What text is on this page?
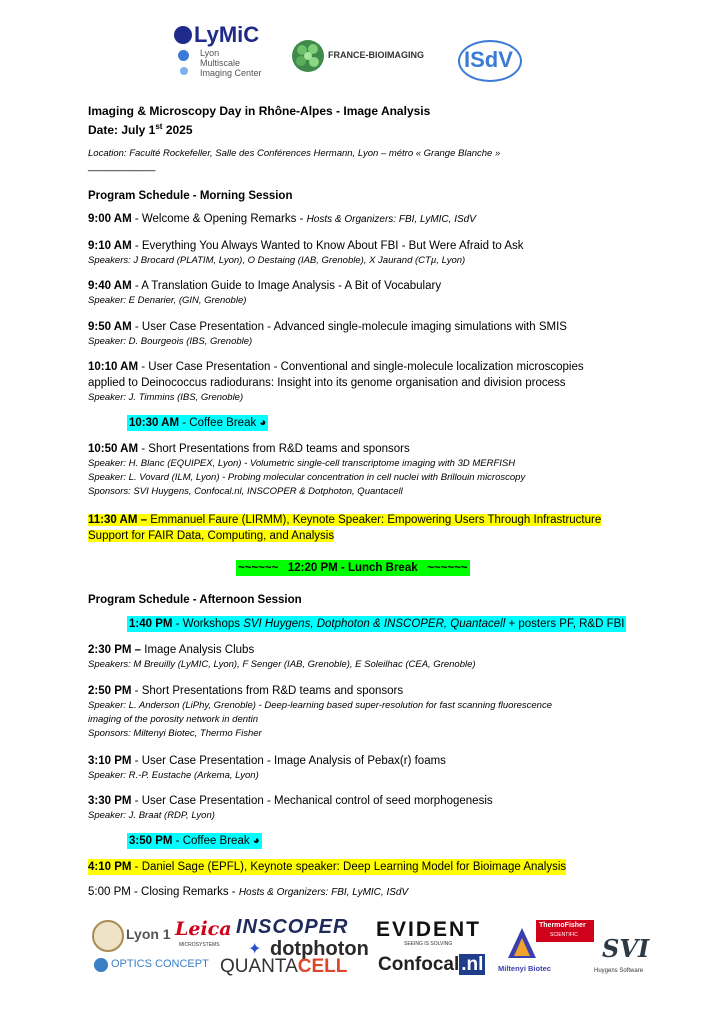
LyMiC
Lyon
Multiscale
Imaging Center
FRANCE-BIOIMAGING ISdV
Imaging & Microscopy Day in Rhône-Alpes - Image Analysis
Date: July 1st 2025
Location: Faculté Rockefeller, Salle des Conférences Hermann, Lyon – métro « Grange Blanche »
___________
Program Schedule - Morning Session
9:00 AM - Welcome & Opening Remarks - Hosts & Organizers: FBI, LyMIC, ISdV
9:10 AM - Everything You Always Wanted to Know About FBI - But Were Afraid to Ask
Speakers: J Brocard (PLATIM, Lyon), O Destaing (IAB, Grenoble), X Jaurand (CTµ, Lyon)
9:40 AM - A Translation Guide to Image Analysis - A Bit of Vocabulary
Speaker: E Denarier, (GIN, Grenoble)
9:50 AM - User Case Presentation - Advanced single-molecule imaging simulations with SMIS
Speaker: D. Bourgeois (IBS, Grenoble)
10:10 AM - User Case Presentation - Conventional and single-molecule localization microscopies
applied to Deinococcus radiodurans: Insight into its genome organisation and division process
Speaker: J. Timmins (IBS, Grenoble)
10:30 AM - Coffee Break ◕
10:50 AM - Short Presentations from R&D teams and sponsors
Speaker: H. Blanc (EQUIPEX, Lyon) - Volumetric single-cell transcriptome imaging with 3D MERFISH
Speaker: L. Vovard (ILM, Lyon) - Probing molecular concentration in cell nuclei with Brillouin microscopy
Sponsors: SVI Huygens, Confocal.nl, INSCOPER & Dotphoton, Quantacell
11:30 AM – Emmanuel Faure (LIRMM), Keynote Speaker: Empowering Users Through Infrastructure
Support for FAIR Data, Computing, and Analysis
~~~~~~   12:20 PM - Lunch Break   ~~~~~~
Program Schedule - Afternoon Session
1:40 PM - Workshops SVI Huygens, Dotphoton & INSCOPER, Quantacell + posters PF, R&D FBI
2:30 PM – Image Analysis Clubs
Speakers: M Breuilly (LyMIC, Lyon), F Senger (IAB, Grenoble), E Soleilhac (CEA, Grenoble)
2:50 PM - Short Presentations from R&D teams and sponsors
Speaker: L. Anderson (LiPhy, Grenoble) - Deep-learning based super-resolution for fast scanning fluorescence
imaging of the porosity network in dentin
Sponsors: Miltenyi Biotec, Thermo Fisher
3:10 PM - User Case Presentation - Image Analysis of Pebax(r) foams
Speaker: R.-P. Eustache (Arkema, Lyon)
3:30 PM - User Case Presentation - Mechanical control of seed morphogenesis
Speaker: J. Braat (RDP, Lyon)
3:50 PM - Coffee Break ◕
4:10 PM - Daniel Sage (EPFL), Keynote speaker: Deep Learning Model for Bioimage Analysis
5:00 PM - Closing Remarks - Hosts & Organizers: FBI, LyMIC, ISdV
Lyon 1 Leica
MICROSYSTEMS
INSCOPER
✦ dotphoton
EVIDENT
SEEING IS SOLVING
ThermoFisher
SCIENTIFIC
OPTICS CONCEPT QUANTACELL Confocal .nl Miltenyi Biotec
SVI
Huygens Software
